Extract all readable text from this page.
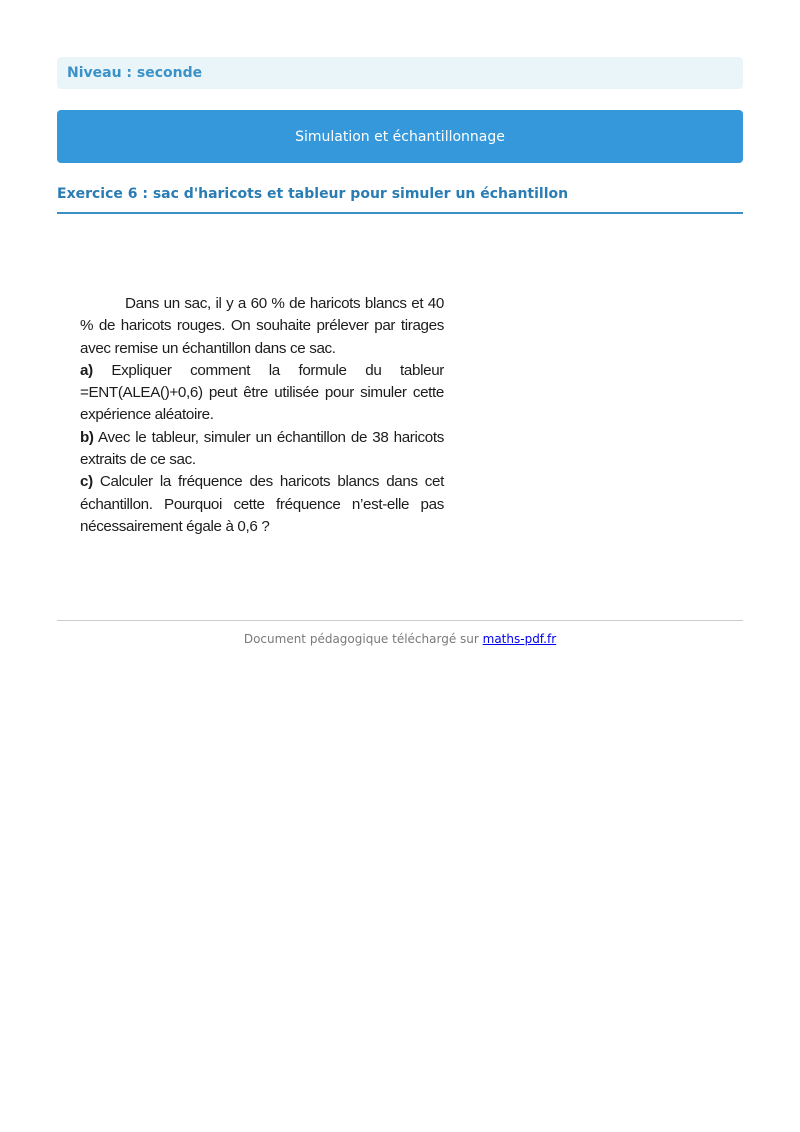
Niveau : seconde
Simulation et échantillonnage
Exercice 6 : sac d'haricots et tableur pour simuler un échantillon

Dans un sac, il y a 60 % de haricots blancs et 40 % de haricots rouges. On souhaite prélever par tirages avec remise un échantillon dans ce sac.

a) Expliquer comment la formule du tableur =ENT(ALEA()+0,6) peut être utilisée pour simuler cette expérience aléatoire.

b) Avec le tableur, simuler un échantillon de 38 haricots extraits de ce sac.

c) Calculer la fréquence des haricots blancs dans cet échantillon. Pourquoi cette fréquence n’est-elle pas nécessairement égale à 0,6 ?

Document pédagogique téléchargé sur maths-pdf.fr
